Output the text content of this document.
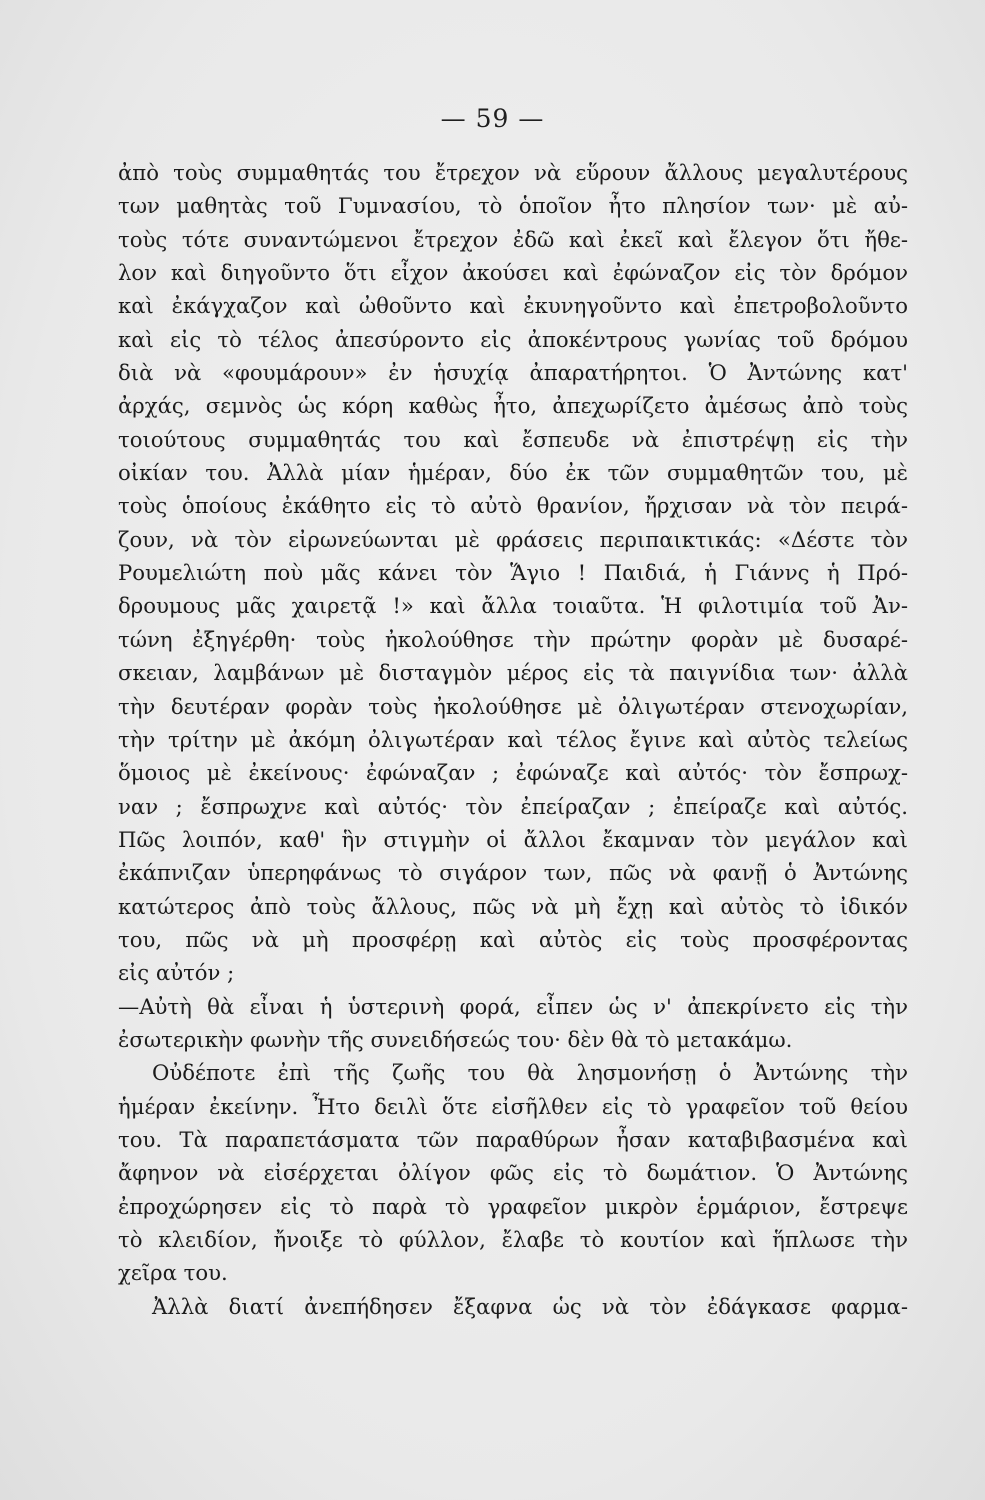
— 59 —
ἀπὸ τοὺς συμμαθητάς του ἔτρεχον νὰ εὕρουν ἄλλους μεγαλυτέρους
των μαθητὰς τοῦ Γυμνασίου, τὸ ὁποῖον ἦτο πλησίον των· μὲ αὐ-
τοὺς τότε συναντώμενοι ἔτρεχον ἐδῶ καὶ ἐκεῖ καὶ ἔλεγον ὅτι ἤθε-
λον καὶ διηγοῦντο ὅτι εἶχον ἀκούσει καὶ ἐφώναζον εἰς τὸν δρόμον
καὶ ἐκάγχαζον καὶ ὠθοῦντο καὶ ἐκυνηγοῦντο καὶ ἐπετροβολοῦντο
καὶ εἰς τὸ τέλος ἀπεσύροντο εἰς ἀποκέντρους γωνίας τοῦ δρόμου
διὰ νὰ «φουμάρουν» ἐν ἡσυχίᾳ ἀπαρατήρητοι. Ὁ Ἀντώνης κατ'
ἀρχάς, σεμνὸς ὡς κόρη καθὼς ἦτο, ἀπεχωρίζετο ἀμέσως ἀπὸ τοὺς
τοιούτους συμμαθητάς του καὶ ἔσπευδε νὰ ἐπιστρέψῃ εἰς τὴν
οἰκίαν του. Ἀλλὰ μίαν ἡμέραν, δύο ἐκ τῶν συμμαθητῶν του, μὲ
τοὺς ὁποίους ἐκάθητο εἰς τὸ αὐτὸ θρανίον, ἤρχισαν νὰ τὸν πειρά-
ζουν, νὰ τὸν εἰρωνεύωνται μὲ φράσεις περιπαικτικάς: «Δέστε τὸν
Ρουμελιώτη ποὺ μᾶς κάνει τὸν Ἅγιο ! Παιδιά, ἡ Γιάννς ἡ Πρό-
δρουμους μᾶς χαιρετᾷ !» καὶ ἄλλα τοιαῦτα. Ἡ φιλοτιμία τοῦ Ἀν-
τώνη ἐξηγέρθη· τοὺς ἠκολούθησε τὴν πρώτην φορὰν μὲ δυσαρέ-
σκειαν, λαμβάνων μὲ δισταγμὸν μέρος εἰς τὰ παιγνίδια των· ἀλλὰ
τὴν δευτέραν φορὰν τοὺς ἠκολούθησε μὲ ὀλιγωτέραν στενοχωρίαν,
τὴν τρίτην μὲ ἀκόμη ὀλιγωτέραν καὶ τέλος ἔγινε καὶ αὐτὸς τελείως
ὅμοιος μὲ ἐκείνους· ἐφώναζαν ; ἐφώναζε καὶ αὐτός· τὸν ἔσπρωχ-
ναν ; ἔσπρωχνε καὶ αὐτός· τὸν ἐπείραζαν ; ἐπείραζε καὶ αὐτός.
Πῶς λοιπόν, καθ' ἣν στιγμὴν οἱ ἄλλοι ἔκαμναν τὸν μεγάλον καὶ
ἐκάπνιζαν ὑπερηφάνως τὸ σιγάρον των, πῶς νὰ φανῇ ὁ Ἀντώνης
κατώτερος ἀπὸ τοὺς ἄλλους, πῶς νὰ μὴ ἔχῃ καὶ αὐτὸς τὸ ἰδικόν
του, πῶς νὰ μὴ προσφέρῃ καὶ αὐτὸς εἰς τοὺς προσφέροντας
εἰς αὐτόν ;
—Αὐτὴ θὰ εἶναι ἡ ὑστερινὴ φορά, εἶπεν ὡς ν' ἀπεκρίνετο εἰς τὴν
ἐσωτερικὴν φωνὴν τῆς συνειδήσεώς του· δὲν θὰ τὸ μετακάμω.
Οὐδέποτε ἐπὶ τῆς ζωῆς του θὰ λησμονήσῃ ὁ Ἀντώνης τὴν
ἡμέραν ἐκείνην. Ἦτο δειλὶ ὅτε εἰσῆλθεν εἰς τὸ γραφεῖον τοῦ θείου
του. Τὰ παραπετάσματα τῶν παραθύρων ἦσαν καταβιβασμένα καὶ
ἄφηνον νὰ εἰσέρχεται ὀλίγον φῶς εἰς τὸ δωμάτιον. Ὁ Ἀντώνης
ἐπροχώρησεν εἰς τὸ παρὰ τὸ γραφεῖον μικρὸν ἑρμάριον, ἔστρεψε
τὸ κλειδίον, ἤνοιξε τὸ φύλλον, ἔλαβε τὸ κουτίον καὶ ἥπλωσε τὴν
χεῖρα του.
Ἀλλὰ διατί ἀνεπήδησεν ἔξαφνα ὡς νὰ τὸν ἐδάγκασε φαρμα-
